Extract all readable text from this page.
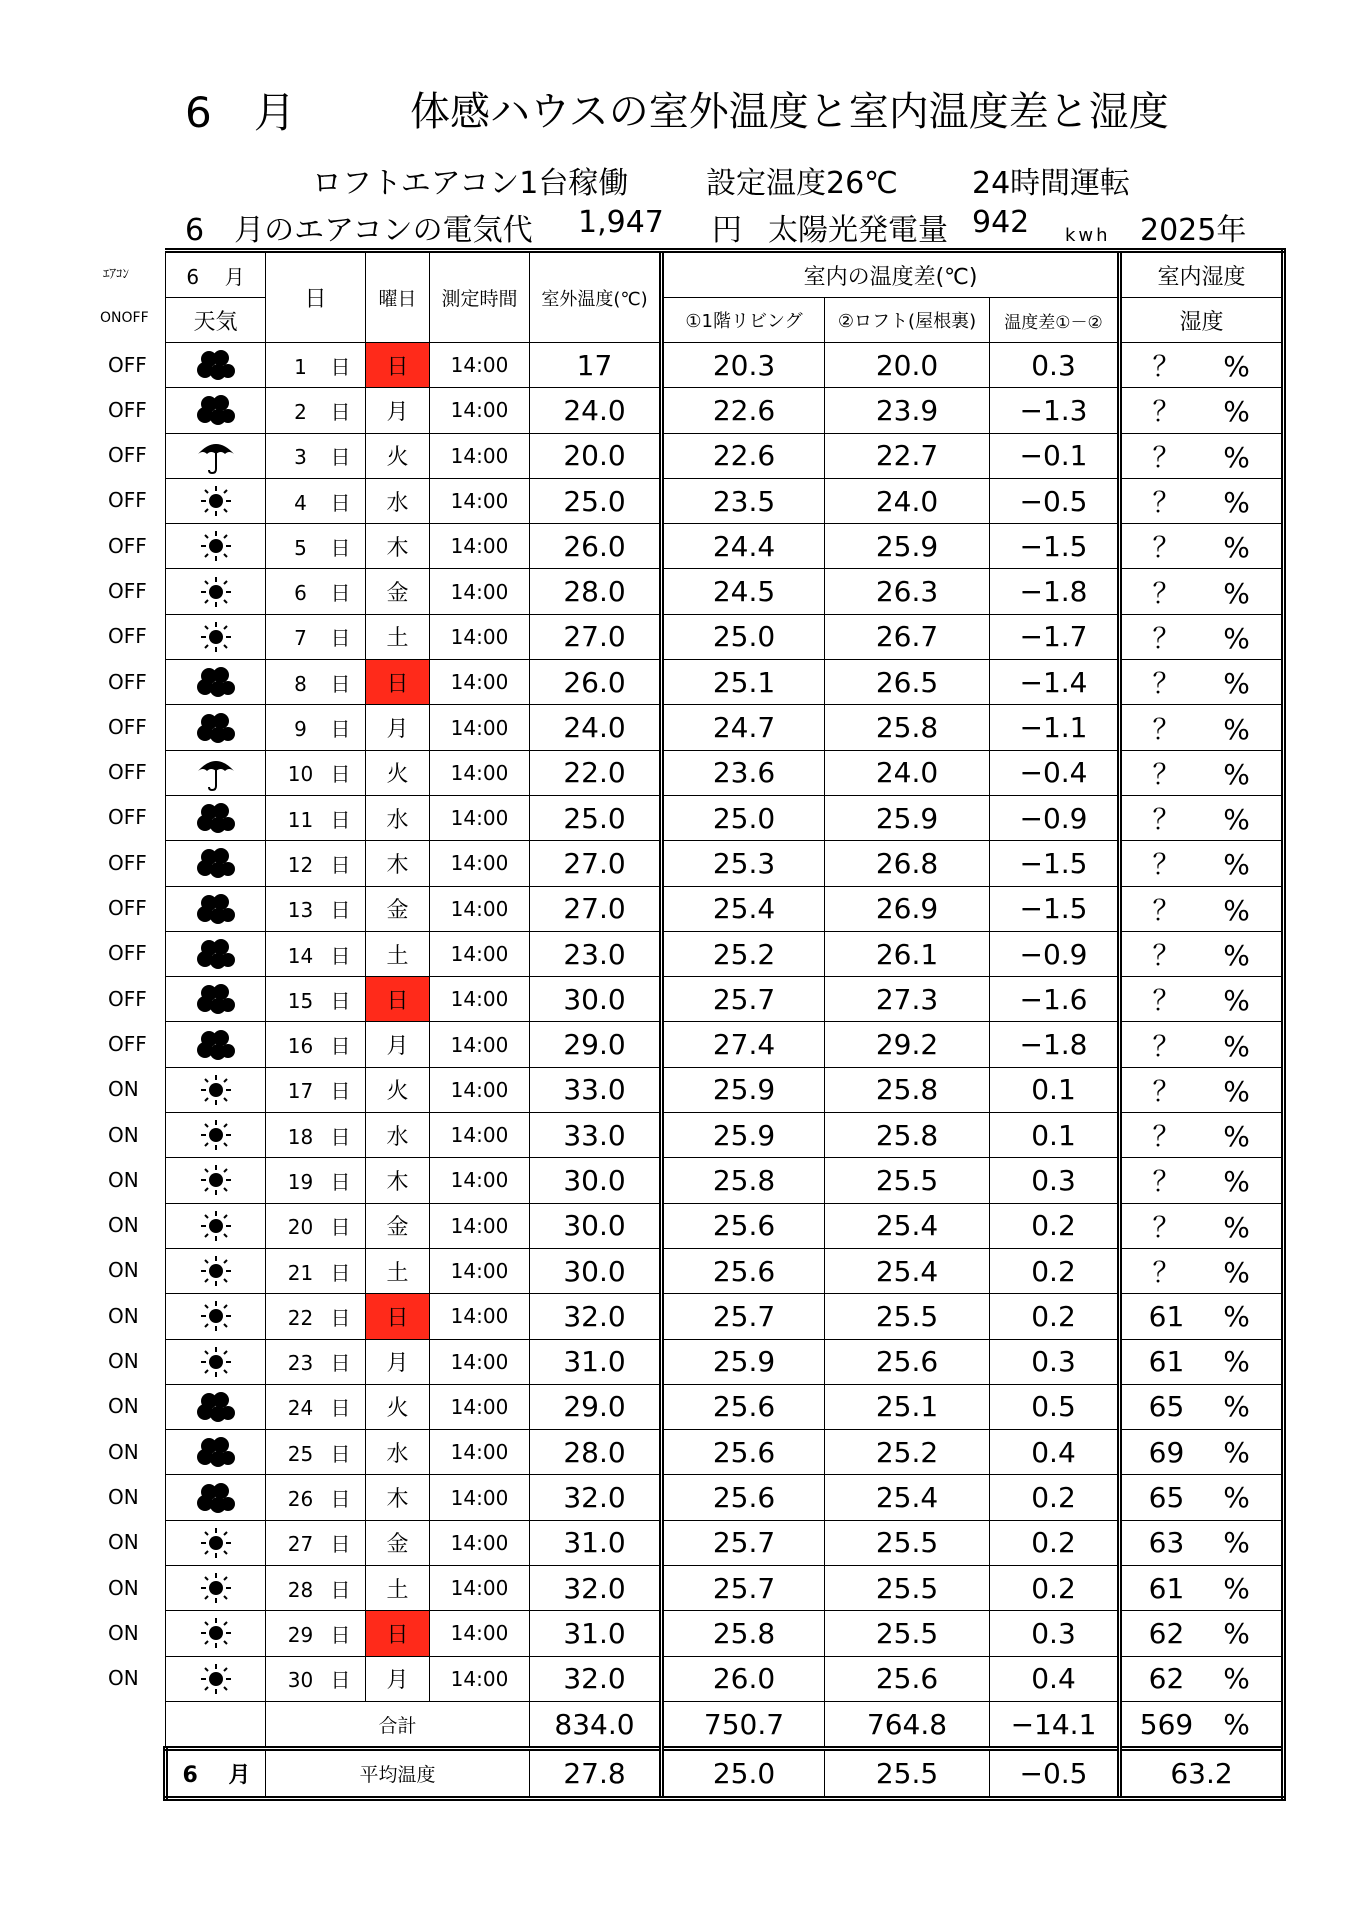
6　月	体感ハウスの室外温度と室内温度差と湿度
ロフトエアコン1台稼働	設定温度26℃ 24時間運転
6　月のエアコンの電気代 1,947 円 太陽光発電量 942 kwh 2025年
ｴｱｺﾝ	6 月	日	曜日	測定時間	室外温度(℃)	室内の温度差(℃)			室内湿度

ONOFF	天気					①1階リビング	②ロフト(屋根裏)	温度差①－②	湿度

OFF		1 日	日	14:00	17	20.3	20.0	0.3	？ %

OFF		2 日	月	14:00	24.0	22.6	23.9	−1.3	？ %

OFF		3 日	火	14:00	20.0	22.6	22.7	−0.1	？ %

OFF		4 日	水	14:00	25.0	23.5	24.0	−0.5	？ %

OFF		5 日	木	14:00	26.0	24.4	25.9	−1.5	？ %

OFF		6 日	金	14:00	28.0	24.5	26.3	−1.8	？ %

OFF		7 日	土	14:00	27.0	25.0	26.7	−1.7	？ %

OFF		8 日	日	14:00	26.0	25.1	26.5	−1.4	？ %

OFF		9 日	月	14:00	24.0	24.7	25.8	−1.1	？ %

OFF		10 日	火	14:00	22.0	23.6	24.0	−0.4	？ %

OFF		11 日	水	14:00	25.0	25.0	25.9	−0.9	？ %

OFF		12 日	木	14:00	27.0	25.3	26.8	−1.5	？ %

OFF		13 日	金	14:00	27.0	25.4	26.9	−1.5	？ %

OFF		14 日	土	14:00	23.0	25.2	26.1	−0.9	？ %

OFF		15 日	日	14:00	30.0	25.7	27.3	−1.6	？ %

OFF		16 日	月	14:00	29.0	27.4	29.2	−1.8	？ %

ON		17 日	火	14:00	33.0	25.9	25.8	0.1	？ %

ON		18 日	水	14:00	33.0	25.9	25.8	0.1	？ %

ON		19 日	木	14:00	30.0	25.8	25.5	0.3	？ %

ON		20 日	金	14:00	30.0	25.6	25.4	0.2	？ %

ON		21 日	土	14:00	30.0	25.6	25.4	0.2	？ %

ON		22 日	日	14:00	32.0	25.7	25.5	0.2	61 %

ON		23 日	月	14:00	31.0	25.9	25.6	0.3	61 %

ON		24 日	火	14:00	29.0	25.6	25.1	0.5	65 %

ON		25 日	水	14:00	28.0	25.6	25.2	0.4	69 %

ON		26 日	木	14:00	32.0	25.6	25.4	0.2	65 %

ON		27 日	金	14:00	31.0	25.7	25.5	0.2	63 %

ON		28 日	土	14:00	32.0	25.7	25.5	0.2	61 %

ON		29 日	日	14:00	31.0	25.8	25.5	0.3	62 %

ON		30 日	月	14:00	32.0	26.0	25.6	0.4	62 %
		合計			834.0	750.7	764.8	−14.1	569 %
	6 月	平均温度			27.8	25.0	25.5	−0.5	63.2
